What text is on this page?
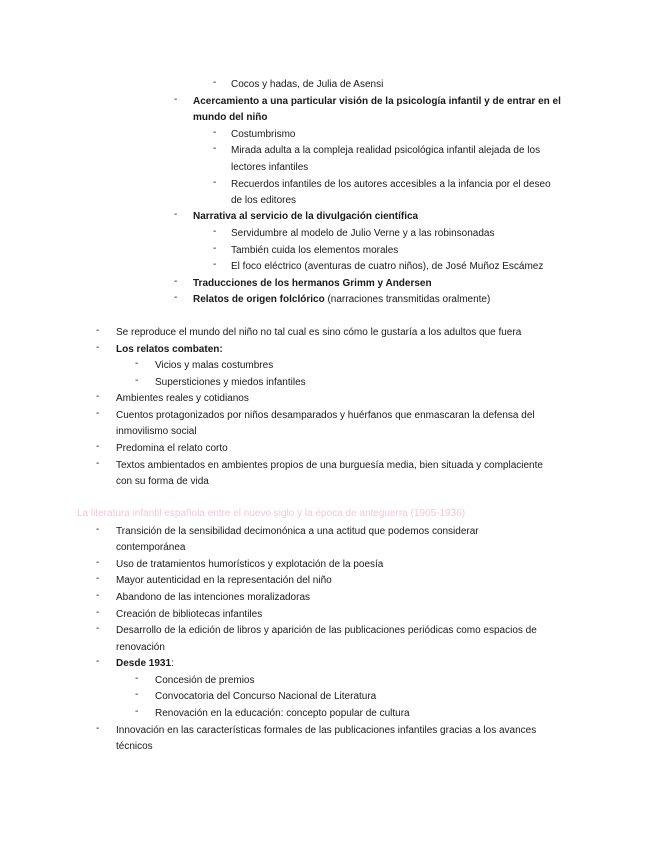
- Cocos y hadas, de Julia de Asensi
- Acercamiento a una particular visión de la psicología infantil y de entrar en el
mundo del niño
- Costumbrismo
- Mirada adulta a la compleja realidad psicológica infantil alejada de los
lectores infantiles
- Recuerdos infantiles de los autores accesibles a la infancia por el deseo
de los editores
- Narrativa al servicio de la divulgación científica
- Servidumbre al modelo de Julio Verne y a las robinsonadas
- También cuida los elementos morales
- El foco eléctrico (aventuras de cuatro niños), de José Muñoz Escámez
- Traducciones de los hermanos Grimm y Andersen
- Relatos de origen folclórico (narraciones transmitidas oralmente)
- Se reproduce el mundo del niño no tal cual es sino cómo le gustaría a los adultos que fuera
- Los relatos combaten:
- Vicios y malas costumbres
- Supersticiones y miedos infantiles
- Ambientes reales y cotidianos
- Cuentos protagonizados por niños desamparados y huérfanos que enmascaran la defensa del
inmovilismo social
- Predomina el relato corto
- Textos ambientados en ambientes propios de una burguesía media, bien situada y complaciente
con su forma de vida
La literatura infantil española entre el nuevo siglo y la época de anteguerra (1905-1936)
- Transición de la sensibilidad decimonónica a una actitud que podemos considerar
contemporánea
- Uso de tratamientos humorísticos y explotación de la poesía
- Mayor autenticidad en la representación del niño
- Abandono de las intenciones moralizadoras
- Creación de bibliotecas infantiles
- Desarrollo de la edición de libros y aparición de las publicaciones periódicas como espacios de
renovación
- Desde 1931:
- Concesión de premios
- Convocatoria del Concurso Nacional de Literatura
- Renovación en la educación: concepto popular de cultura
- Innovación en las características formales de las publicaciones infantiles gracias a los avances
técnicos
